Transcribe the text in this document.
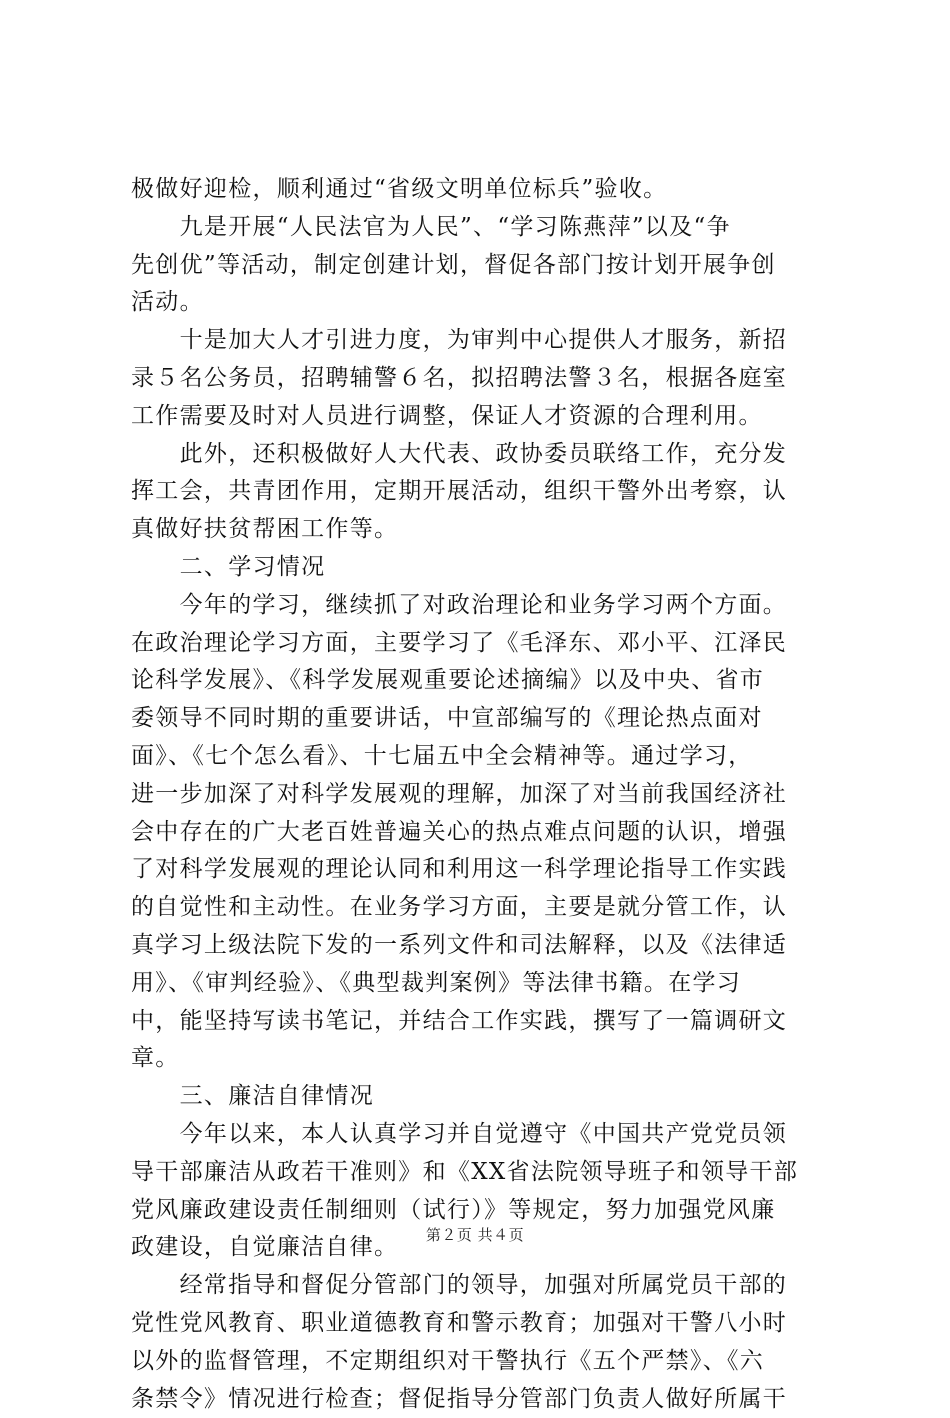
极做好迎检，顺利通过“省级文明单位标兵”验收。
　　九是开展“人民法官为人民”、“学习陈燕萍”以及“争
先创优”等活动，制定创建计划，督促各部门按计划开展争创
活动。
　　十是加大人才引进力度，为审判中心提供人才服务，新招
录５名公务员，招聘辅警６名，拟招聘法警３名，根据各庭室
工作需要及时对人员进行调整，保证人才资源的合理利用。
　　此外，还积极做好人大代表、政协委员联络工作，充分发
挥工会，共青团作用，定期开展活动，组织干警外出考察，认
真做好扶贫帮困工作等。
　　二、学习情况
　　今年的学习，继续抓了对政治理论和业务学习两个方面。
在政治理论学习方面，主要学习了《毛泽东、邓小平、江泽民
论科学发展》、《科学发展观重要论述摘编》以及中央、省市
委领导不同时期的重要讲话，中宣部编写的《理论热点面对
面》、《七个怎么看》、十七届五中全会精神等。通过学习，
进一步加深了对科学发展观的理解，加深了对当前我国经济社
会中存在的广大老百姓普遍关心的热点难点问题的认识，增强
了对科学发展观的理论认同和利用这一科学理论指导工作实践
的自觉性和主动性。在业务学习方面，主要是就分管工作，认
真学习上级法院下发的一系列文件和司法解释，以及《法律适
用》、《审判经验》、《典型裁判案例》等法律书籍。在学习
中，能坚持写读书笔记，并结合工作实践，撰写了一篇调研文
章。
　　三、廉洁自律情况
　　今年以来，本人认真学习并自觉遵守《中国共产党党员领
导干部廉洁从政若干准则》和《XX省法院领导班子和领导干部
党风廉政建设责任制细则（试行）》等规定，努力加强党风廉
政建设，自觉廉洁自律。
　　经常指导和督促分管部门的领导，加强对所属党员干部的
党性党风教育、职业道德教育和警示教育；加强对干警八小时
以外的监督管理，不定期组织对干警执行《五个严禁》、《六
条禁令》情况进行检查；督促指导分管部门负责人做好所属干
第２页 共４页
